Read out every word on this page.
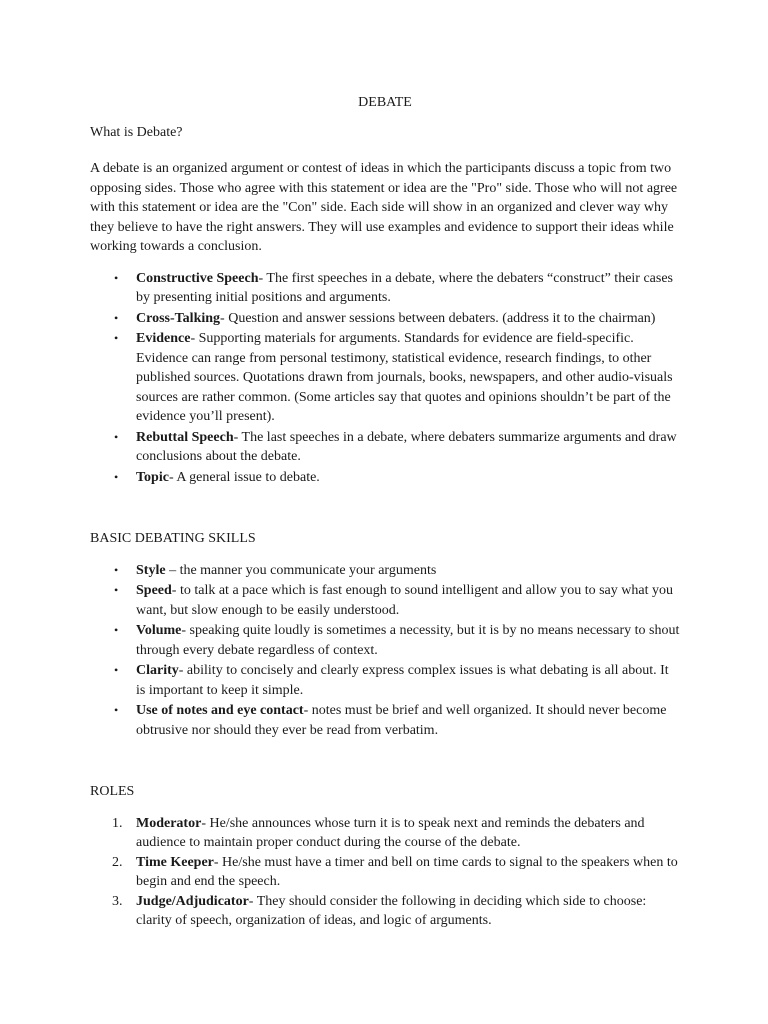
DEBATE

What is Debate?

A debate is an organized argument or contest of ideas in which the participants discuss a topic from two opposing sides. Those who agree with this statement or idea are the "Pro" side. Those who will not agree with this statement or idea are the "Con" side. Each side will show in an organized and clever way why they believe to have the right answers. They will use examples and evidence to support their ideas while working towards a conclusion.

• Constructive Speech- The first speeches in a debate, where the debaters “construct” their cases by presenting initial positions and arguments.
• Cross-Talking- Question and answer sessions between debaters. (address it to the chairman)
• Evidence- Supporting materials for arguments. Standards for evidence are field-specific. Evidence can range from personal testimony, statistical evidence, research findings, to other published sources. Quotations drawn from journals, books, newspapers, and other audio-visuals sources are rather common. (Some articles say that quotes and opinions shouldn’t be part of the evidence you’ll present).
• Rebuttal Speech- The last speeches in a debate, where debaters summarize arguments and draw conclusions about the debate.
• Topic- A general issue to debate.
BASIC DEBATING SKILLS
• Style – the manner you communicate your arguments
• Speed- to talk at a pace which is fast enough to sound intelligent and allow you to say what you want, but slow enough to be easily understood.
• Volume- speaking quite loudly is sometimes a necessity, but it is by no means necessary to shout through every debate regardless of context.
• Clarity- ability to concisely and clearly express complex issues is what debating is all about. It is important to keep it simple.
• Use of notes and eye contact- notes must be brief and well organized. It should never become obtrusive nor should they ever be read from verbatim.
ROLES
1. Moderator- He/she announces whose turn it is to speak next and reminds the debaters and audience to maintain proper conduct during the course of the debate.
2. Time Keeper- He/she must have a timer and bell on time cards to signal to the speakers when to begin and end the speech.
3. Judge/Adjudicator- They should consider the following in deciding which side to choose: clarity of speech, organization of ideas, and logic of arguments.
